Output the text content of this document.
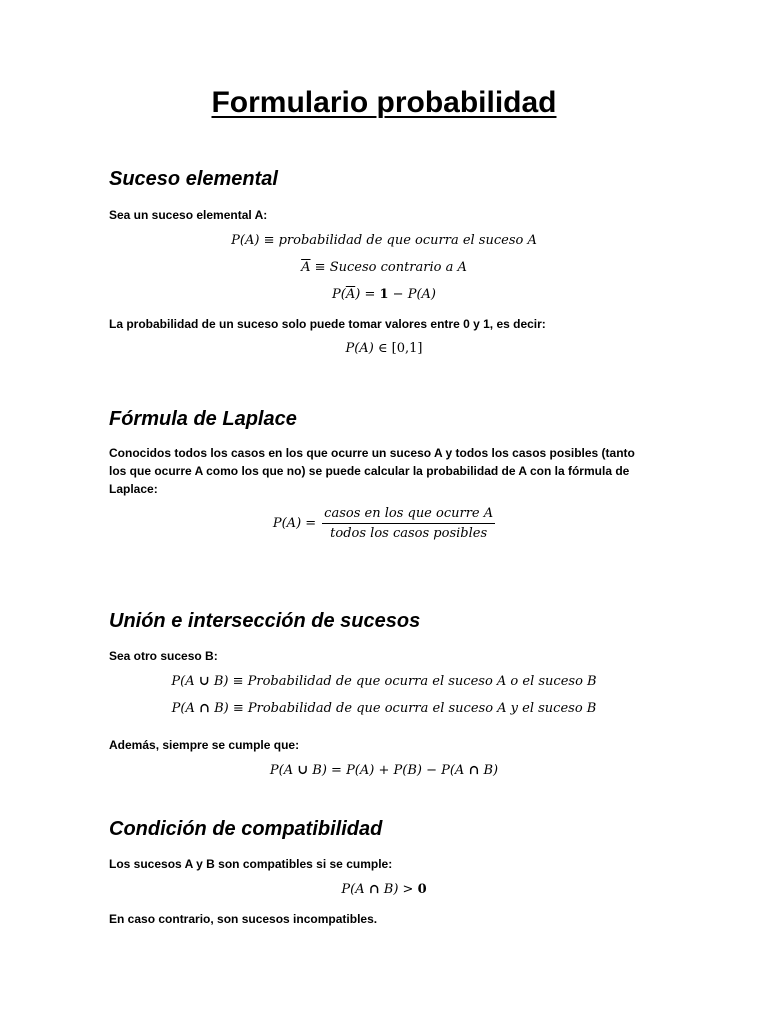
Formulario probabilidad
Suceso elemental
Sea un suceso elemental A:
P(A) ≡ probabilidad de que ocurra el suceso A
$\overline{A}$ ≡ Suceso contrario a A
$P(\overline{A}) = 1 - P(A)$
La probabilidad de un suceso solo puede tomar valores entre 0 y 1, es decir:
P(A) ∈ [0,1]
Fórmula de Laplace
Conocidos todos los casos en los que ocurre un suceso A y todos los casos posibles (tanto los que ocurre A como los que no) se puede calcular la probabilidad de A con la fórmula de Laplace:
$P(A) = \frac{\text{casos en los que ocurre A}}{\text{todos los casos posibles}}$
Unión e intersección de sucesos
Sea otro suceso B:
P(A ∪ B) ≡ Probabilidad de que ocurra el suceso A o el suceso B
P(A ∩ B) ≡ Probabilidad de que ocurra el suceso A y el suceso B
Además, siempre se cumple que:
P(A ∪ B) = P(A) + P(B) − P(A ∩ B)
Condición de compatibilidad
Los sucesos A y B son compatibles si se cumple:
P(A ∩ B) > 0
En caso contrario, son sucesos incompatibles.
